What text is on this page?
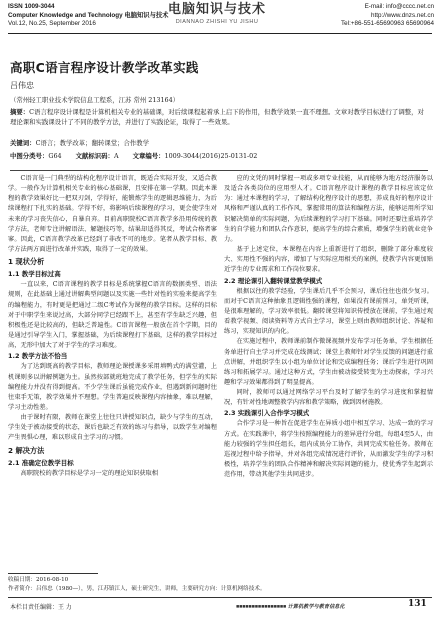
ISSN 1009-3044
Computer Knowledge and Technology 电脑知识与技术
Vol.12, No.25, September 2016
电脑知识与技术
DIANNAO ZHISHI YU JISHU
E-mail: info@cccc.net.cn
http://www.dnzs.net.cn
Tel:+86-551-65690963 65690964
高职C语言程序设计教学改革实践
吕伟忠
（常州轻工职业技术学院信息工程系，江苏 常州 213164）
摘要：C语言程序设计课程是计算机相关专业的基础课，对后续课程起着承上启下的作用，但教学效果一直不理想。文章对教学目标进行了调整，对理论课和实践课设计了不同的教学方法，并进行了实践论证，取得了一些效果。
关键词：C语言；教学改革；翻转课堂；合作教学
中图分类号：G64 文献标识码：A 文章编号：1009-3044(2016)25-0131-02

C语言是一门典型的结构化程序设计语言，既适合实际开发，又适合教学。一般作为计算机相关专业的核心基础课，且安排在第一学期。因此本课程的教学效果好比一把双刃剑，学得好，能锻炼学生的逻辑思维能力，为后续课程打下扎实的基础。学得不好，将影响后续课程的学习，更会使学生对未来的学习丧失信心，自暴自弃。目前高职院校C语言教学多沿用传统的教学方法，老师专注讲解语法、解题技巧等，结果却适得其反，考试合格者寥寥。因此，C语言教学改革已经到了非改不可的地步。笔者从教学目标、教学方法两方面进行改革并实践，取得了一定的效果。

1 现状分析
1.1 教学目标过高

一直以来，C语言课程的教学目标是系统掌握C语言的数据类型、语法规则，在此基础上通过讲解典型问题以及实施一些针对性的实验来提高学生的编程能力，有时更是把通过二级C考试作为课程的教学目标。这样的目标对于中职学生来说过高，大部分同学已经跟不上，甚至有学生缺乏兴趣，但积极性还是比较高的，但缺乏普遍性。C语言课程一般放在首个学期，目的是通过引导学生入门，掌握基础，为后续课程打下基础，这样的教学目标过高，无形中加大了对于学生的学习难度。

1.2 教学方法不恰当

为了达到既高的教学目标，教师理论课授课多采用填鸭式的满堂灌，上机课则多以讲解例题为主。虽然按部就班地完成了教学任务，但学生的实际编程能力并没有得到提高。不少学生课后虽能完成作业，但遇到新问题时往往束手无策，教学效果并不理想。学生普遍反映课程内容抽象，难以理解，学习主动性差。

由于课时有限，教师在课堂上往往只讲授知识点，缺少与学生的互动，学生处于被动接受的状态，课后也缺乏有效的练习与指导，以致学生对编程产生畏惧心理，难以形成自主学习的习惯。

2 解决方法
2.1 准确定位教学目标

高职院校的教学目标是学习一定的理论知识获取相

应的文凭的同时掌握一项或多项专业技能，从而能够为地方经济服务以及适合各类岗位的应用型人才。C语言程序设计课程的教学目标应该定位为：通过本课程的学习，了解结构化程序设计的思想，养成良好的程序设计风格和严谨认真的工作作风，掌握常用的算法和编程方法，能够运用所学知识解决简单的实际问题，为后续课程的学习打下基础。同时还要注重培养学生的自学能力和团队合作意识，提高学生的综合素质，增强学生的就业竞争力。

基于上述定位，本课程在内容上重新进行了组织，删除了部分难度较大、实用性不强的内容，增加了与实际应用相关的案例，使教学内容更加贴近学生的专业需求和工作岗位要求。

2.2 理论课引入翻转课堂教学模式

根据以往的教学经验，学生课后几乎不会预习，课后往往也很少复习。而对于C语言这种抽象且逻辑性强的课程，如果没有课前预习，单凭听课，是很难理解的，学习效率很低。翻转课堂将知识传授放在课前，学生通过观看教学视频、阅读资料等方式自主学习，课堂上则由教师组织讨论、答疑和练习，实现知识的内化。

在实施过程中，教师课前制作微课视频并发布学习任务单，学生根据任务单进行自主学习并完成在线测试；课堂上教师针对学生反馈的问题进行重点讲解，并组织学生以小组为单位讨论和完成编程任务；课后学生进行巩固练习和拓展学习。通过这种方式，学生由被动接受转变为主动探索，学习兴趣和学习效果都得到了明显提高。

同时，教师可以通过网络学习平台及时了解学生的学习进度和掌握情况，有针对性地调整教学内容和教学策略，做到因材施教。

2.3 实践课引入合作学习模式

合作学习是一种旨在促进学生在异质小组中相互学习、达成一致的学习方式。在实践课中，将学生按照编程能力的差异进行分组，每组4至5人，由能力较强的学生担任组长，组内成员分工协作，共同完成实验任务。教师在巡视过程中给予指导，并对各组完成情况进行评价，从而激发学生的学习积极性，培养学生的团队合作精神和解决实际问题的能力，使优秀学生起到示范作用，带动其他学生共同进步。

收稿日期：2016-08-10
作者简介：吕伟忠（1980—），男，江苏镇江人，硕士研究生，讲师，主要研究方向：计算机网络技术。
本栏目责任编辑：王 力	■■■■■■■■■■■■■■■■ 计算机教学与教育信息化	131
